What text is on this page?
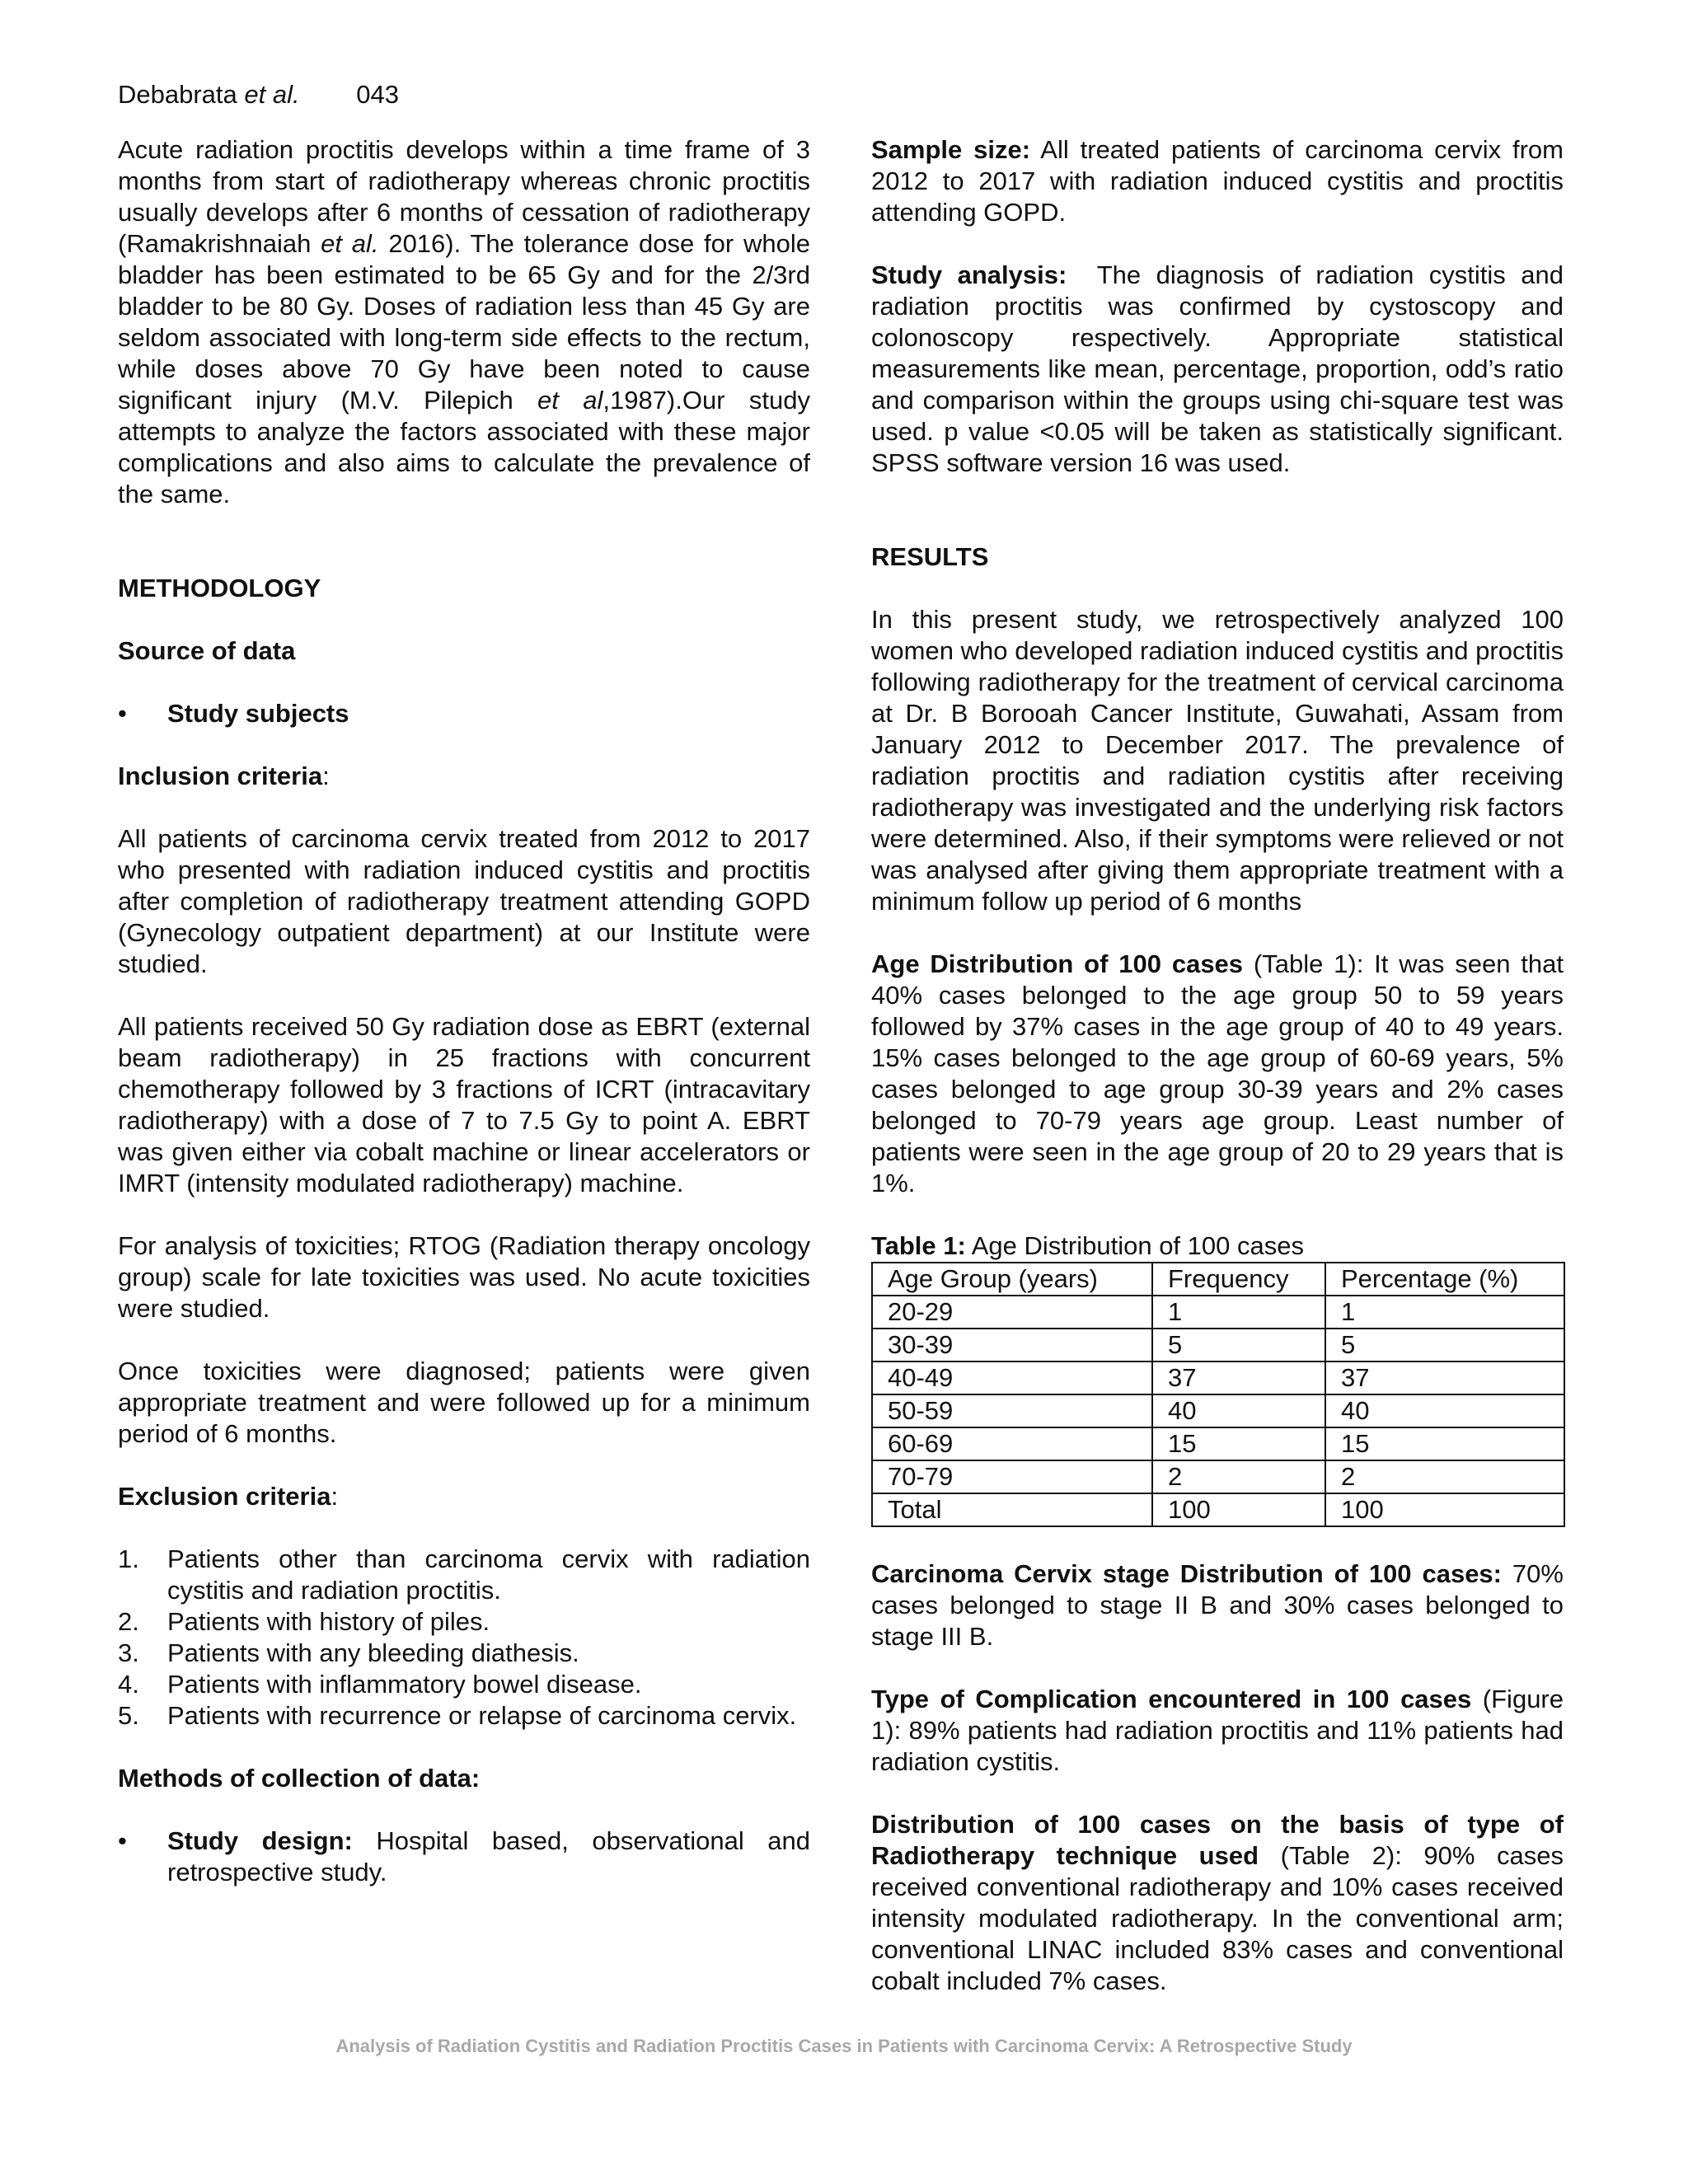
Debabrata et al. 043

Acute radiation proctitis develops within a time frame of 3 months from start of radiotherapy whereas chronic proctitis usually develops after 6 months of cessation of radiotherapy (Ramakrishnaiah et al. 2016). The tolerance dose for whole bladder has been estimated to be 65 Gy and for the 2/3rd bladder to be 80 Gy. Doses of radiation less than 45 Gy are seldom associated with long-term side effects to the rectum, while doses above 70 Gy have been noted to cause significant injury (M.V. Pilepich et al,1987).Our study attempts to analyze the factors associated with these major complications and also aims to calculate the prevalence of the same.

METHODOLOGY
Source of data
• Study subjects
Inclusion criteria:

All patients of carcinoma cervix treated from 2012 to 2017 who presented with radiation induced cystitis and proctitis after completion of radiotherapy treatment attending GOPD (Gynecology outpatient department) at our Institute were studied.

All patients received 50 Gy radiation dose as EBRT (external beam radiotherapy) in 25 fractions with concurrent chemotherapy followed by 3 fractions of ICRT (intracavitary radiotherapy) with a dose of 7 to 7.5 Gy to point A. EBRT was given either via cobalt machine or linear accelerators or IMRT (intensity modulated radiotherapy) machine.

For analysis of toxicities; RTOG (Radiation therapy oncology group) scale for late toxicities was used. No acute toxicities were studied.

Once toxicities were diagnosed; patients were given appropriate treatment and were followed up for a minimum period of 6 months.

Exclusion criteria:
1. Patients other than carcinoma cervix with radiation cystitis and radiation proctitis.
2. Patients with history of piles.
3. Patients with any bleeding diathesis.
4. Patients with inflammatory bowel disease.
5. Patients with recurrence or relapse of carcinoma cervix.
Methods of collection of data:
• Study design: Hospital based, observational and retrospective study.

Sample size: All treated patients of carcinoma cervix from 2012 to 2017 with radiation induced cystitis and proctitis attending GOPD.

Study analysis:  The diagnosis of radiation cystitis and radiation proctitis was confirmed by cystoscopy and colonoscopy respectively. Appropriate statistical measurements like mean, percentage, proportion, odd’s ratio and comparison within the groups using chi-square test was used. p value <0.05 will be taken as statistically significant. SPSS software version 16 was used.

RESULTS

In this present study, we retrospectively analyzed 100 women who developed radiation induced cystitis and proctitis following radiotherapy for the treatment of cervical carcinoma at Dr. B Borooah Cancer Institute, Guwahati, Assam from January 2012 to December 2017. The prevalence of radiation proctitis and radiation cystitis after receiving radiotherapy was investigated and the underlying risk factors were determined. Also, if their symptoms were relieved or not was analysed after giving them appropriate treatment with a minimum follow up period of 6 months

Age Distribution of 100 cases (Table 1): It was seen that 40% cases belonged to the age group 50 to 59 years followed by 37% cases in the age group of 40 to 49 years. 15% cases belonged to the age group of 60-69 years, 5% cases belonged to age group 30-39 years and 2% cases belonged to 70-79 years age group. Least number of patients were seen in the age group of 20 to 29 years that is 1%.

Table 1: Age Distribution of 100 cases
Age Group (years)	Frequency	Percentage (%)
20-29	1	1
30-39	5	5
40-49	37	37
50-59	40	40
60-69	15	15
70-79	2	2
Total	100	100

Carcinoma Cervix stage Distribution of 100 cases: 70% cases belonged to stage II B and 30% cases belonged to stage III B.

Type of Complication encountered in 100 cases (Figure 1): 89% patients had radiation proctitis and 11% patients had radiation cystitis.

Distribution of 100 cases on the basis of type of Radiotherapy technique used (Table 2): 90% cases received conventional radiotherapy and 10% cases received intensity modulated radiotherapy. In the conventional arm; conventional LINAC included 83% cases and conventional cobalt included 7% cases.

Analysis of Radiation Cystitis and Radiation Proctitis Cases in Patients with Carcinoma Cervix: A Retrospective Study
